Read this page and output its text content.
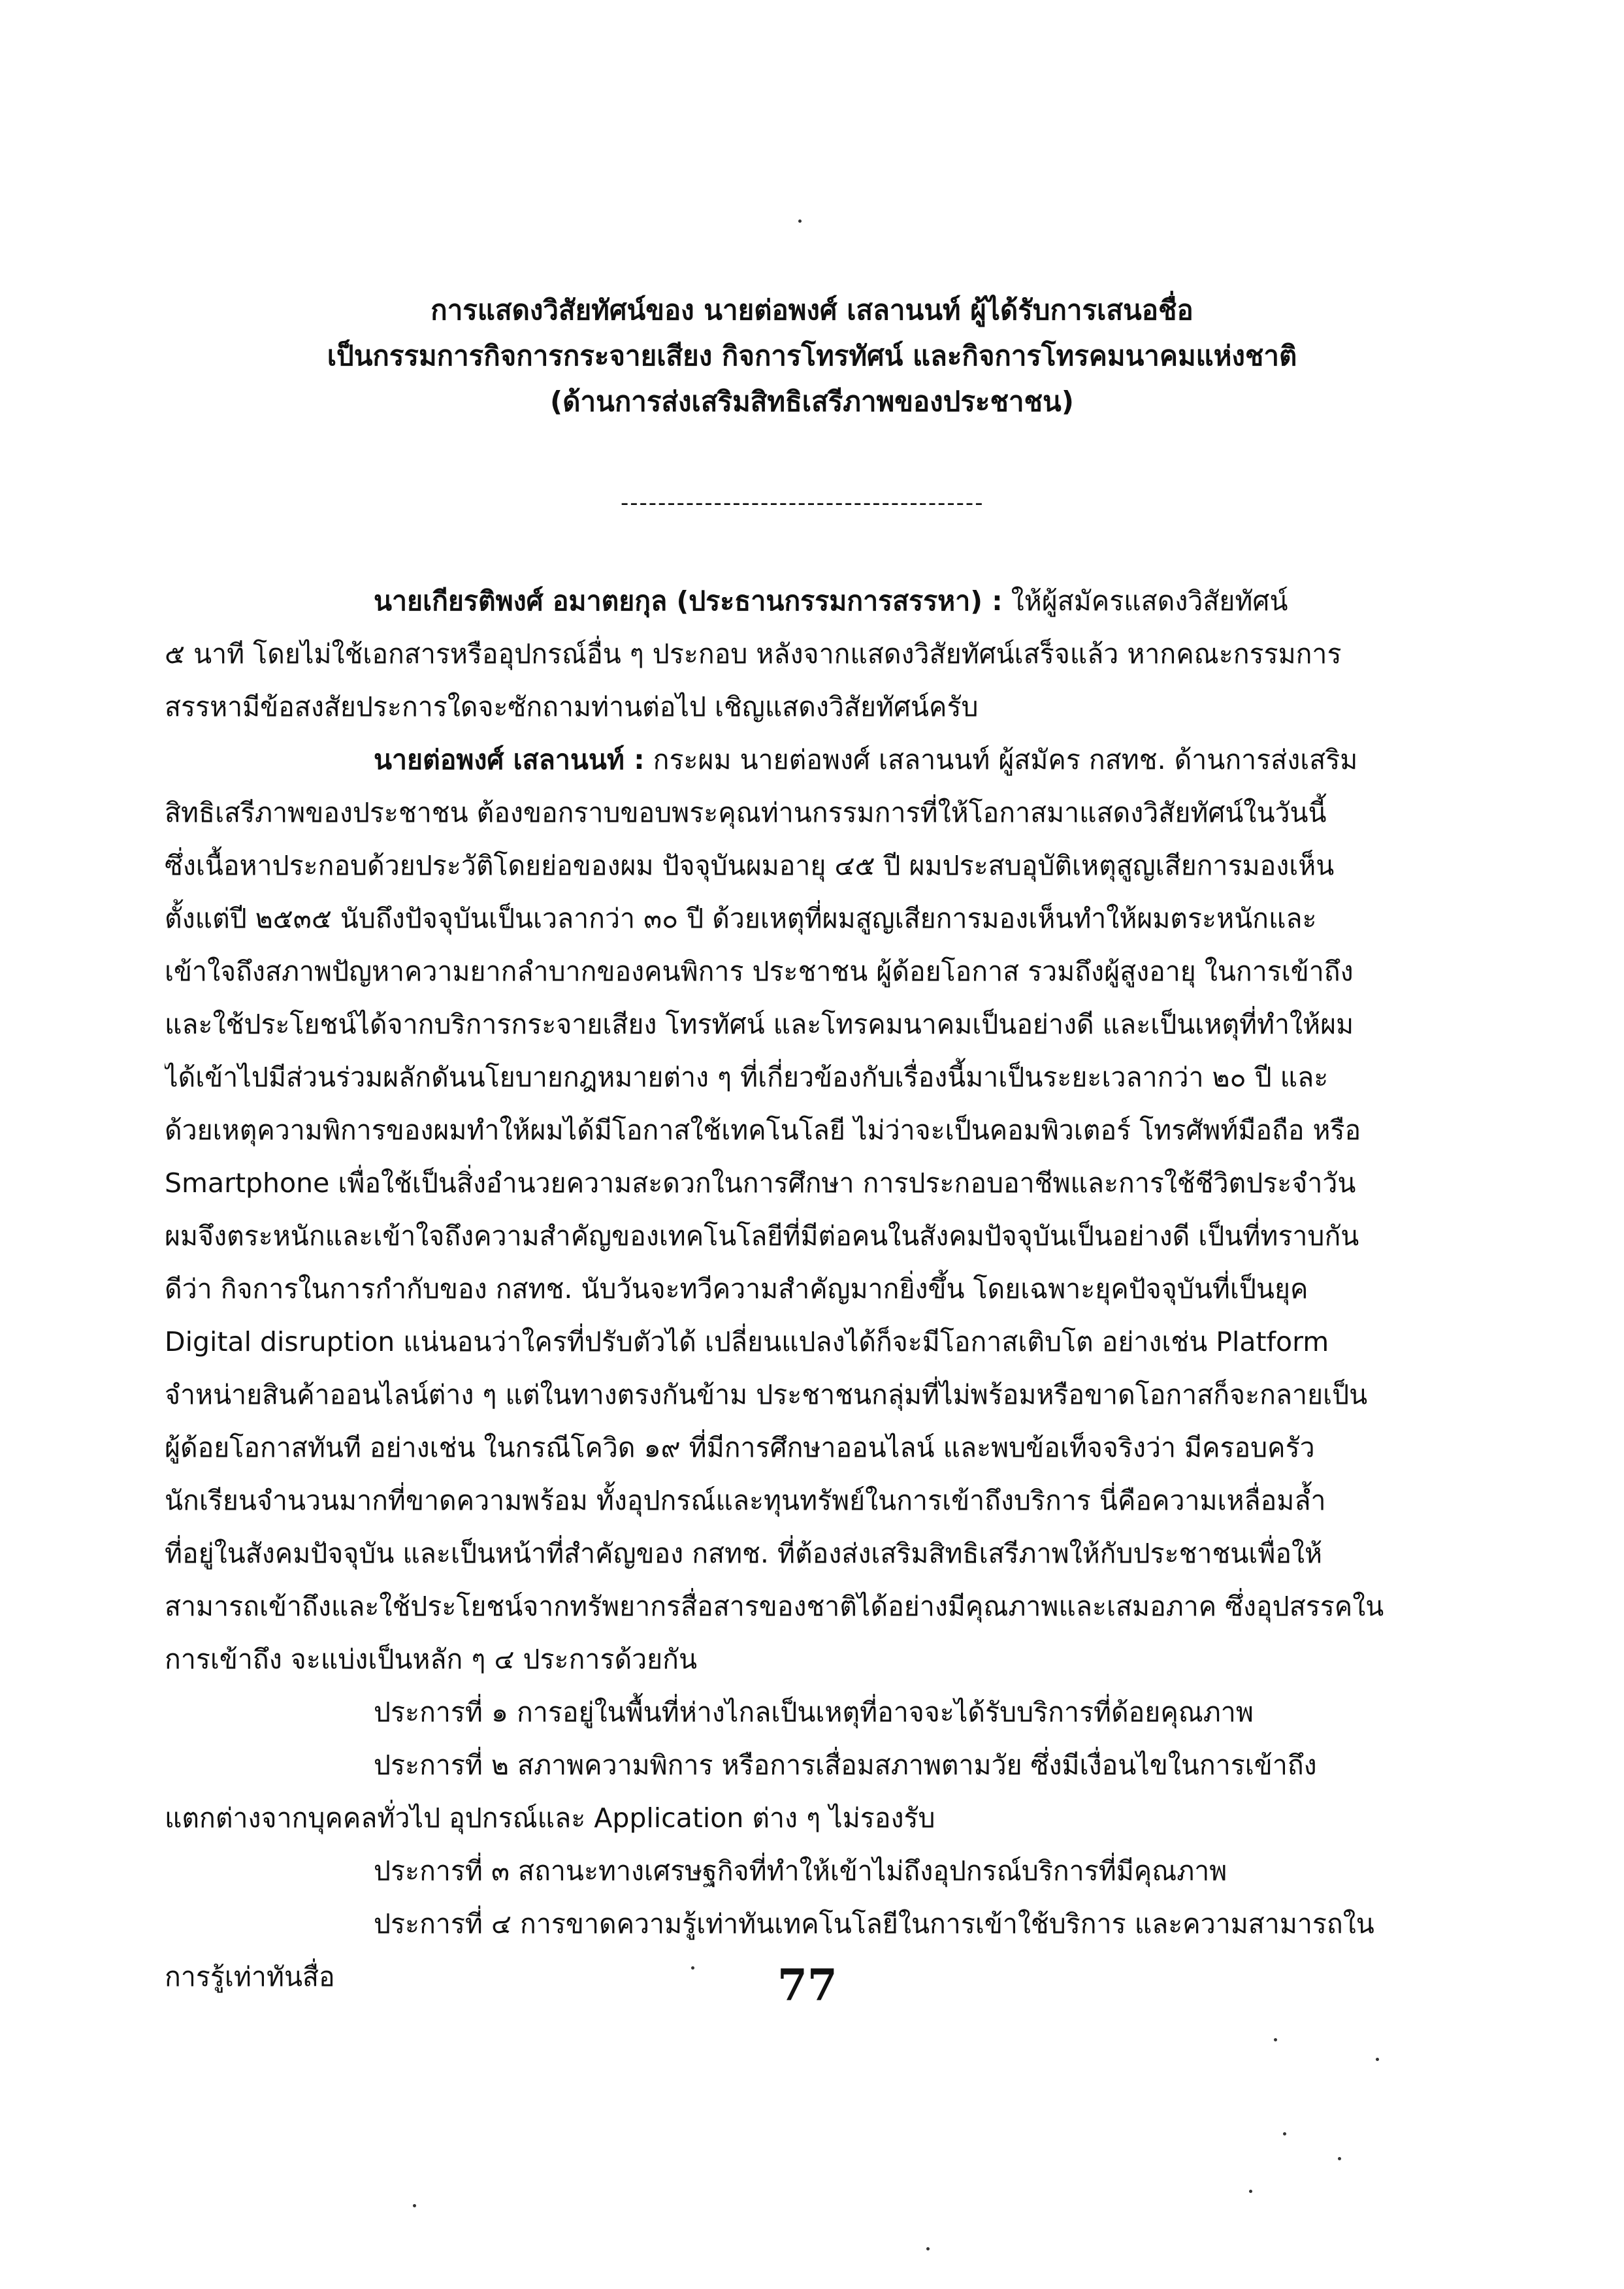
การแสดงวิสัยทัศน์ของ นายต่อพงศ์ เสลานนท์ ผู้ได้รับการเสนอชื่อ
เป็นกรรมการกิจการกระจายเสียง กิจการโทรทัศน์ และกิจการโทรคมนาคมแห่งชาติ
(ด้านการส่งเสริมสิทธิเสรีภาพของประชาชน)
---------------------------------------
นายเกียรติพงศ์ อมาตยกุล (ประธานกรรมการสรรหา) : ให้ผู้สมัครแสดงวิสัยทัศน์
๕ นาที โดยไม่ใช้เอกสารหรืออุปกรณ์อื่น ๆ ประกอบ หลังจากแสดงวิสัยทัศน์เสร็จแล้ว หากคณะกรรมการ
สรรหามีข้อสงสัยประการใดจะซักถามท่านต่อไป เชิญแสดงวิสัยทัศน์ครับ
นายต่อพงศ์ เสลานนท์ : กระผม นายต่อพงศ์ เสลานนท์ ผู้สมัคร กสทช. ด้านการส่งเสริม
สิทธิเสรีภาพของประชาชน ต้องขอกราบขอบพระคุณท่านกรรมการที่ให้โอกาสมาแสดงวิสัยทัศน์ในวันนี้
ซึ่งเนื้อหาประกอบด้วยประวัติโดยย่อของผม ปัจจุบันผมอายุ ๔๕ ปี ผมประสบอุบัติเหตุสูญเสียการมองเห็น
ตั้งแต่ปี ๒๕๓๕ นับถึงปัจจุบันเป็นเวลากว่า ๓๐ ปี ด้วยเหตุที่ผมสูญเสียการมองเห็นทำให้ผมตระหนักและ
เข้าใจถึงสภาพปัญหาความยากลำบากของคนพิการ ประชาชน ผู้ด้อยโอกาส รวมถึงผู้สูงอายุ ในการเข้าถึง
และใช้ประโยชน์ได้จากบริการกระจายเสียง โทรทัศน์ และโทรคมนาคมเป็นอย่างดี และเป็นเหตุที่ทำให้ผม
ได้เข้าไปมีส่วนร่วมผลักดันนโยบายกฎหมายต่าง ๆ ที่เกี่ยวข้องกับเรื่องนี้มาเป็นระยะเวลากว่า ๒๐ ปี และ
ด้วยเหตุความพิการของผมทำให้ผมได้มีโอกาสใช้เทคโนโลยี ไม่ว่าจะเป็นคอมพิวเตอร์ โทรศัพท์มือถือ หรือ
Smartphone เพื่อใช้เป็นสิ่งอำนวยความสะดวกในการศึกษา การประกอบอาชีพและการใช้ชีวิตประจำวัน
ผมจึงตระหนักและเข้าใจถึงความสำคัญของเทคโนโลยีที่มีต่อคนในสังคมปัจจุบันเป็นอย่างดี เป็นที่ทราบกัน
ดีว่า กิจการในการกำกับของ กสทช. นับวันจะทวีความสำคัญมากยิ่งขึ้น โดยเฉพาะยุคปัจจุบันที่เป็นยุค
Digital disruption แน่นอนว่าใครที่ปรับตัวได้ เปลี่ยนแปลงได้ก็จะมีโอกาสเติบโต อย่างเช่น Platform
จำหน่ายสินค้าออนไลน์ต่าง ๆ แต่ในทางตรงกันข้าม ประชาชนกลุ่มที่ไม่พร้อมหรือขาดโอกาสก็จะกลายเป็น
ผู้ด้อยโอกาสทันที อย่างเช่น ในกรณีโควิด ๑๙ ที่มีการศึกษาออนไลน์ และพบข้อเท็จจริงว่า มีครอบครัว
นักเรียนจำนวนมากที่ขาดความพร้อม ทั้งอุปกรณ์และทุนทรัพย์ในการเข้าถึงบริการ นี่คือความเหลื่อมล้ำ
ที่อยู่ในสังคมปัจจุบัน และเป็นหน้าที่สำคัญของ กสทช. ที่ต้องส่งเสริมสิทธิเสรีภาพให้กับประชาชนเพื่อให้
สามารถเข้าถึงและใช้ประโยชน์จากทรัพยากรสื่อสารของชาติได้อย่างมีคุณภาพและเสมอภาค ซึ่งอุปสรรคใน
การเข้าถึง จะแบ่งเป็นหลัก ๆ ๔ ประการด้วยกัน
ประการที่ ๑ การอยู่ในพื้นที่ห่างไกลเป็นเหตุที่อาจจะได้รับบริการที่ด้อยคุณภาพ
ประการที่ ๒ สภาพความพิการ หรือการเสื่อมสภาพตามวัย ซึ่งมีเงื่อนไขในการเข้าถึง
แตกต่างจากบุคคลทั่วไป อุปกรณ์และ Application ต่าง ๆ ไม่รองรับ
ประการที่ ๓ สถานะทางเศรษฐกิจที่ทำให้เข้าไม่ถึงอุปกรณ์บริการที่มีคุณภาพ
ประการที่ ๔ การขาดความรู้เท่าทันเทคโนโลยีในการเข้าใช้บริการ และความสามารถใน
การรู้เท่าทันสื่อ	77
